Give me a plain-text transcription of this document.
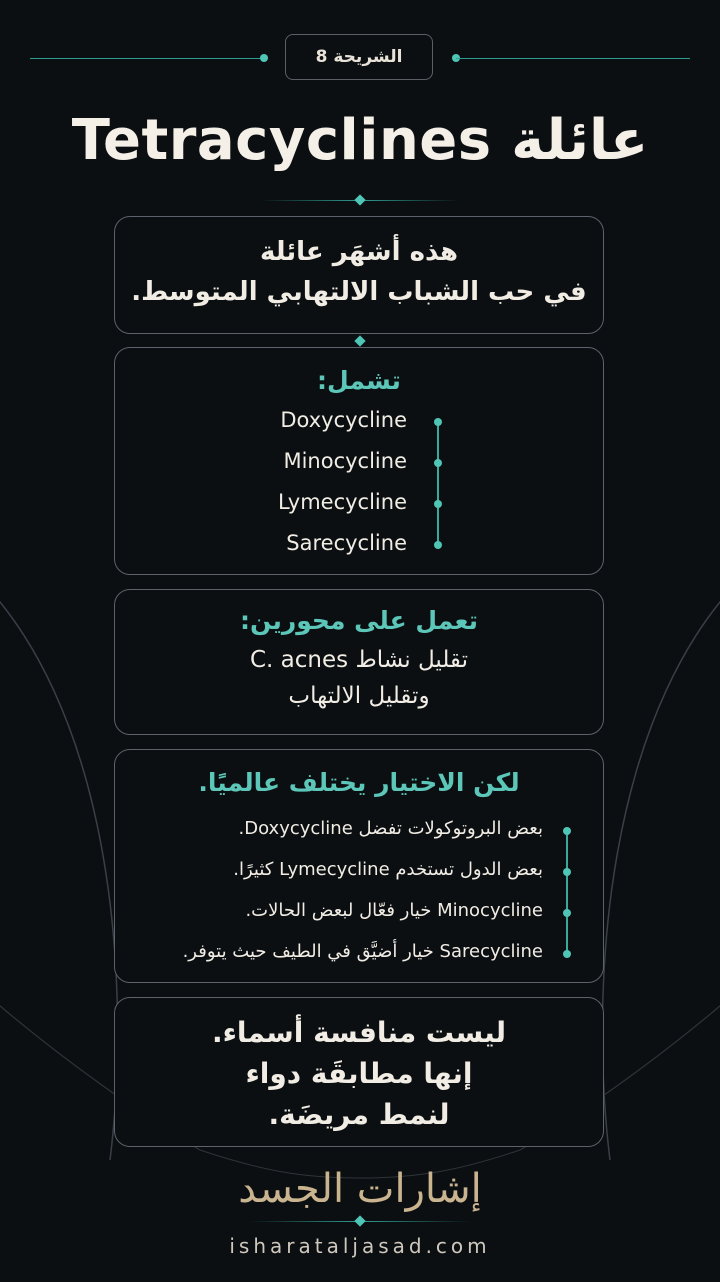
الشريحة 8
عائلة Tetracyclines
هذه أشهَر عائلة
في حب الشباب الالتهابي المتوسط.
تشمل:
Doxycycline
Minocycline
Lymecycline
Sarecycline
تعمل على محورين:
تقليل نشاط C. acnes
وتقليل الالتهاب
لكن الاختيار يختلف عالميًا.
بعض البروتوكولات تفضل Doxycycline.
بعض الدول تستخدم Lymecycline كثيرًا.
Minocycline خيار فعّال لبعض الحالات.
Sarecycline خيار أضيَّق في الطيف حيث يتوفر.
ليست منافسة أسماء.
إنها مطابقَة دواء
لنمط مريضَة.
إشارات الجسد
isharataljasad.com
